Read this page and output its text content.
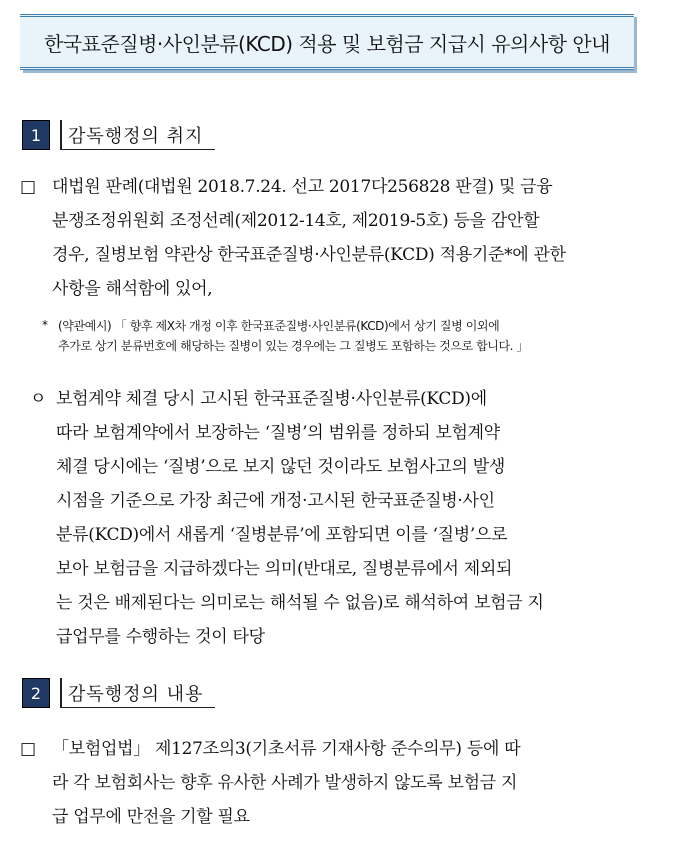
한국표준질병·사인분류(KCD) 적용 및 보험금 지급시 유의사항 안내
1	감독행정의 취지
□ 대법원 판례(대법원 2018.7.24. 선고 2017다256828 판결) 및 금융
분쟁조정위원회 조정선례(제2012-14호, 제2019-5호) 등을 감안할
경우, 질병보험 약관상 한국표준질병·사인분류(KCD) 적용기준*에 관한
사항을 해석함에 있어,
* (약관예시) 「 향후 제X차 개정 이후 한국표준질병·사인분류(KCD)에서 상기 질병 이외에
추가로 상기 분류번호에 해당하는 질병이 있는 경우에는 그 질병도 포함하는 것으로 합니다. 」
ㅇ 보험계약 체결 당시 고시된 한국표준질병·사인분류(KCD)에
따라 보험계약에서 보장하는 ‘질병’의 범위를 정하되 보험계약
체결 당시에는 ‘질병’으로 보지 않던 것이라도 보험사고의 발생
시점을 기준으로 가장 최근에 개정·고시된 한국표준질병·사인
분류(KCD)에서 새롭게 ‘질병분류’에 포함되면 이를 ‘질병’으로
보아 보험금을 지급하겠다는 의미(반대로, 질병분류에서 제외되
는 것은 배제된다는 의미로는 해석될 수 없음)로 해석하여 보험금 지
급업무를 수행하는 것이 타당
2	감독행정의 내용
□ 「보험업법」 제127조의3(기초서류 기재사항 준수의무) 등에 따
라 각 보험회사는 향후 유사한 사례가 발생하지 않도록 보험금 지
급 업무에 만전을 기할 필요
